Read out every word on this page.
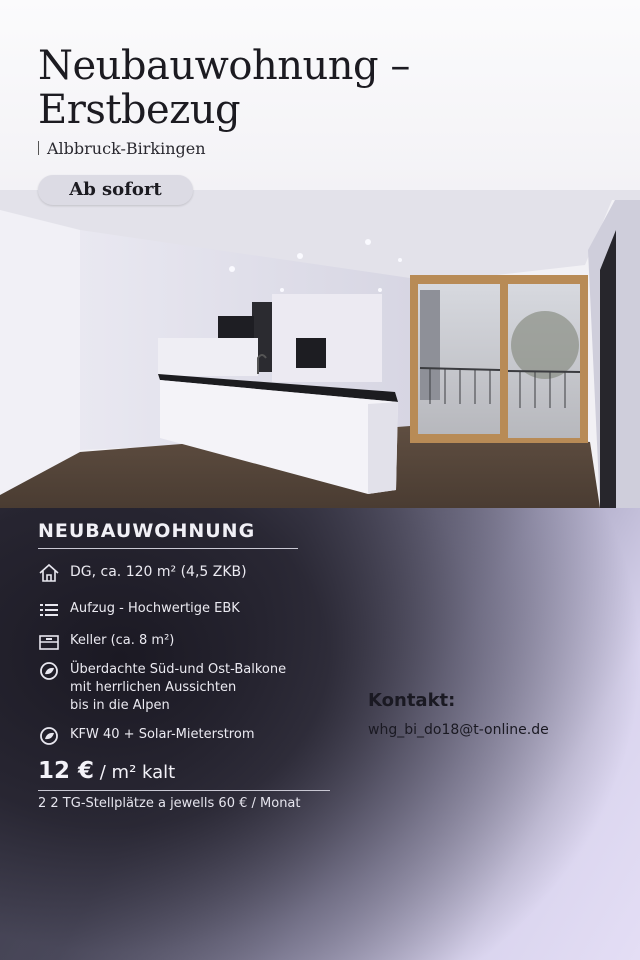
Neubauwohnung –
Erstbezug
Albbruck-Birkingen
Ab sofort
NEUBAUWOHNUNG
DG, ca. 120 m² (4,5 ZKB)
Aufzug - Hochwertige EBK
Keller (ca. 8 m²)
Überdachte Süd-und Ost-Balkone
mit herrlichen Aussichten
bis in die Alpen
KFW 40 + Solar-Mieterstrom
12 € / m² kalt
2 2 TG-Stellplätze a jewells 60 € / Monat
Kontakt:
whg_bi_do18@t-online.de
